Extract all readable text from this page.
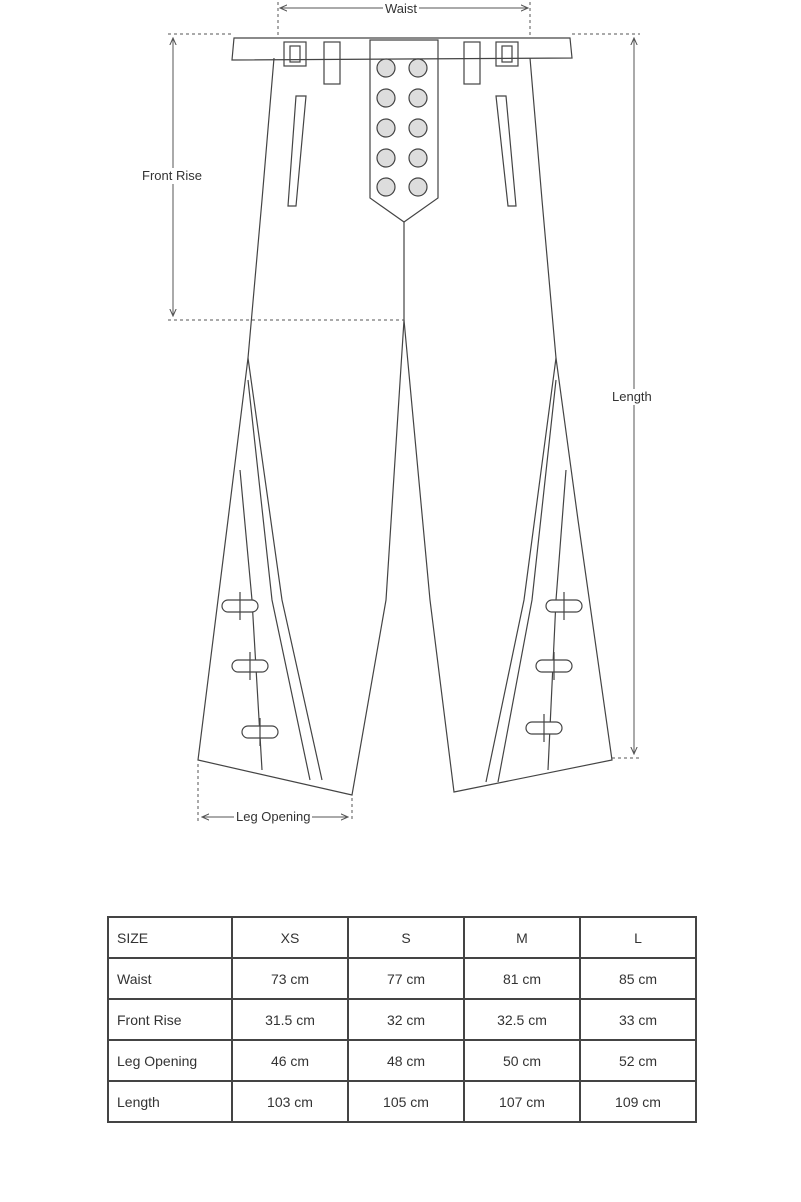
Waist
Front Rise
Length
Leg Opening
SIZE	XS	S	M	L
Waist	73 cm	77 cm	81 cm	85 cm
Front Rise	31.5 cm	32 cm	32.5 cm	33 cm
Leg Opening	46 cm	48 cm	50 cm	52 cm
Length	103 cm	105 cm	107 cm	109 cm
